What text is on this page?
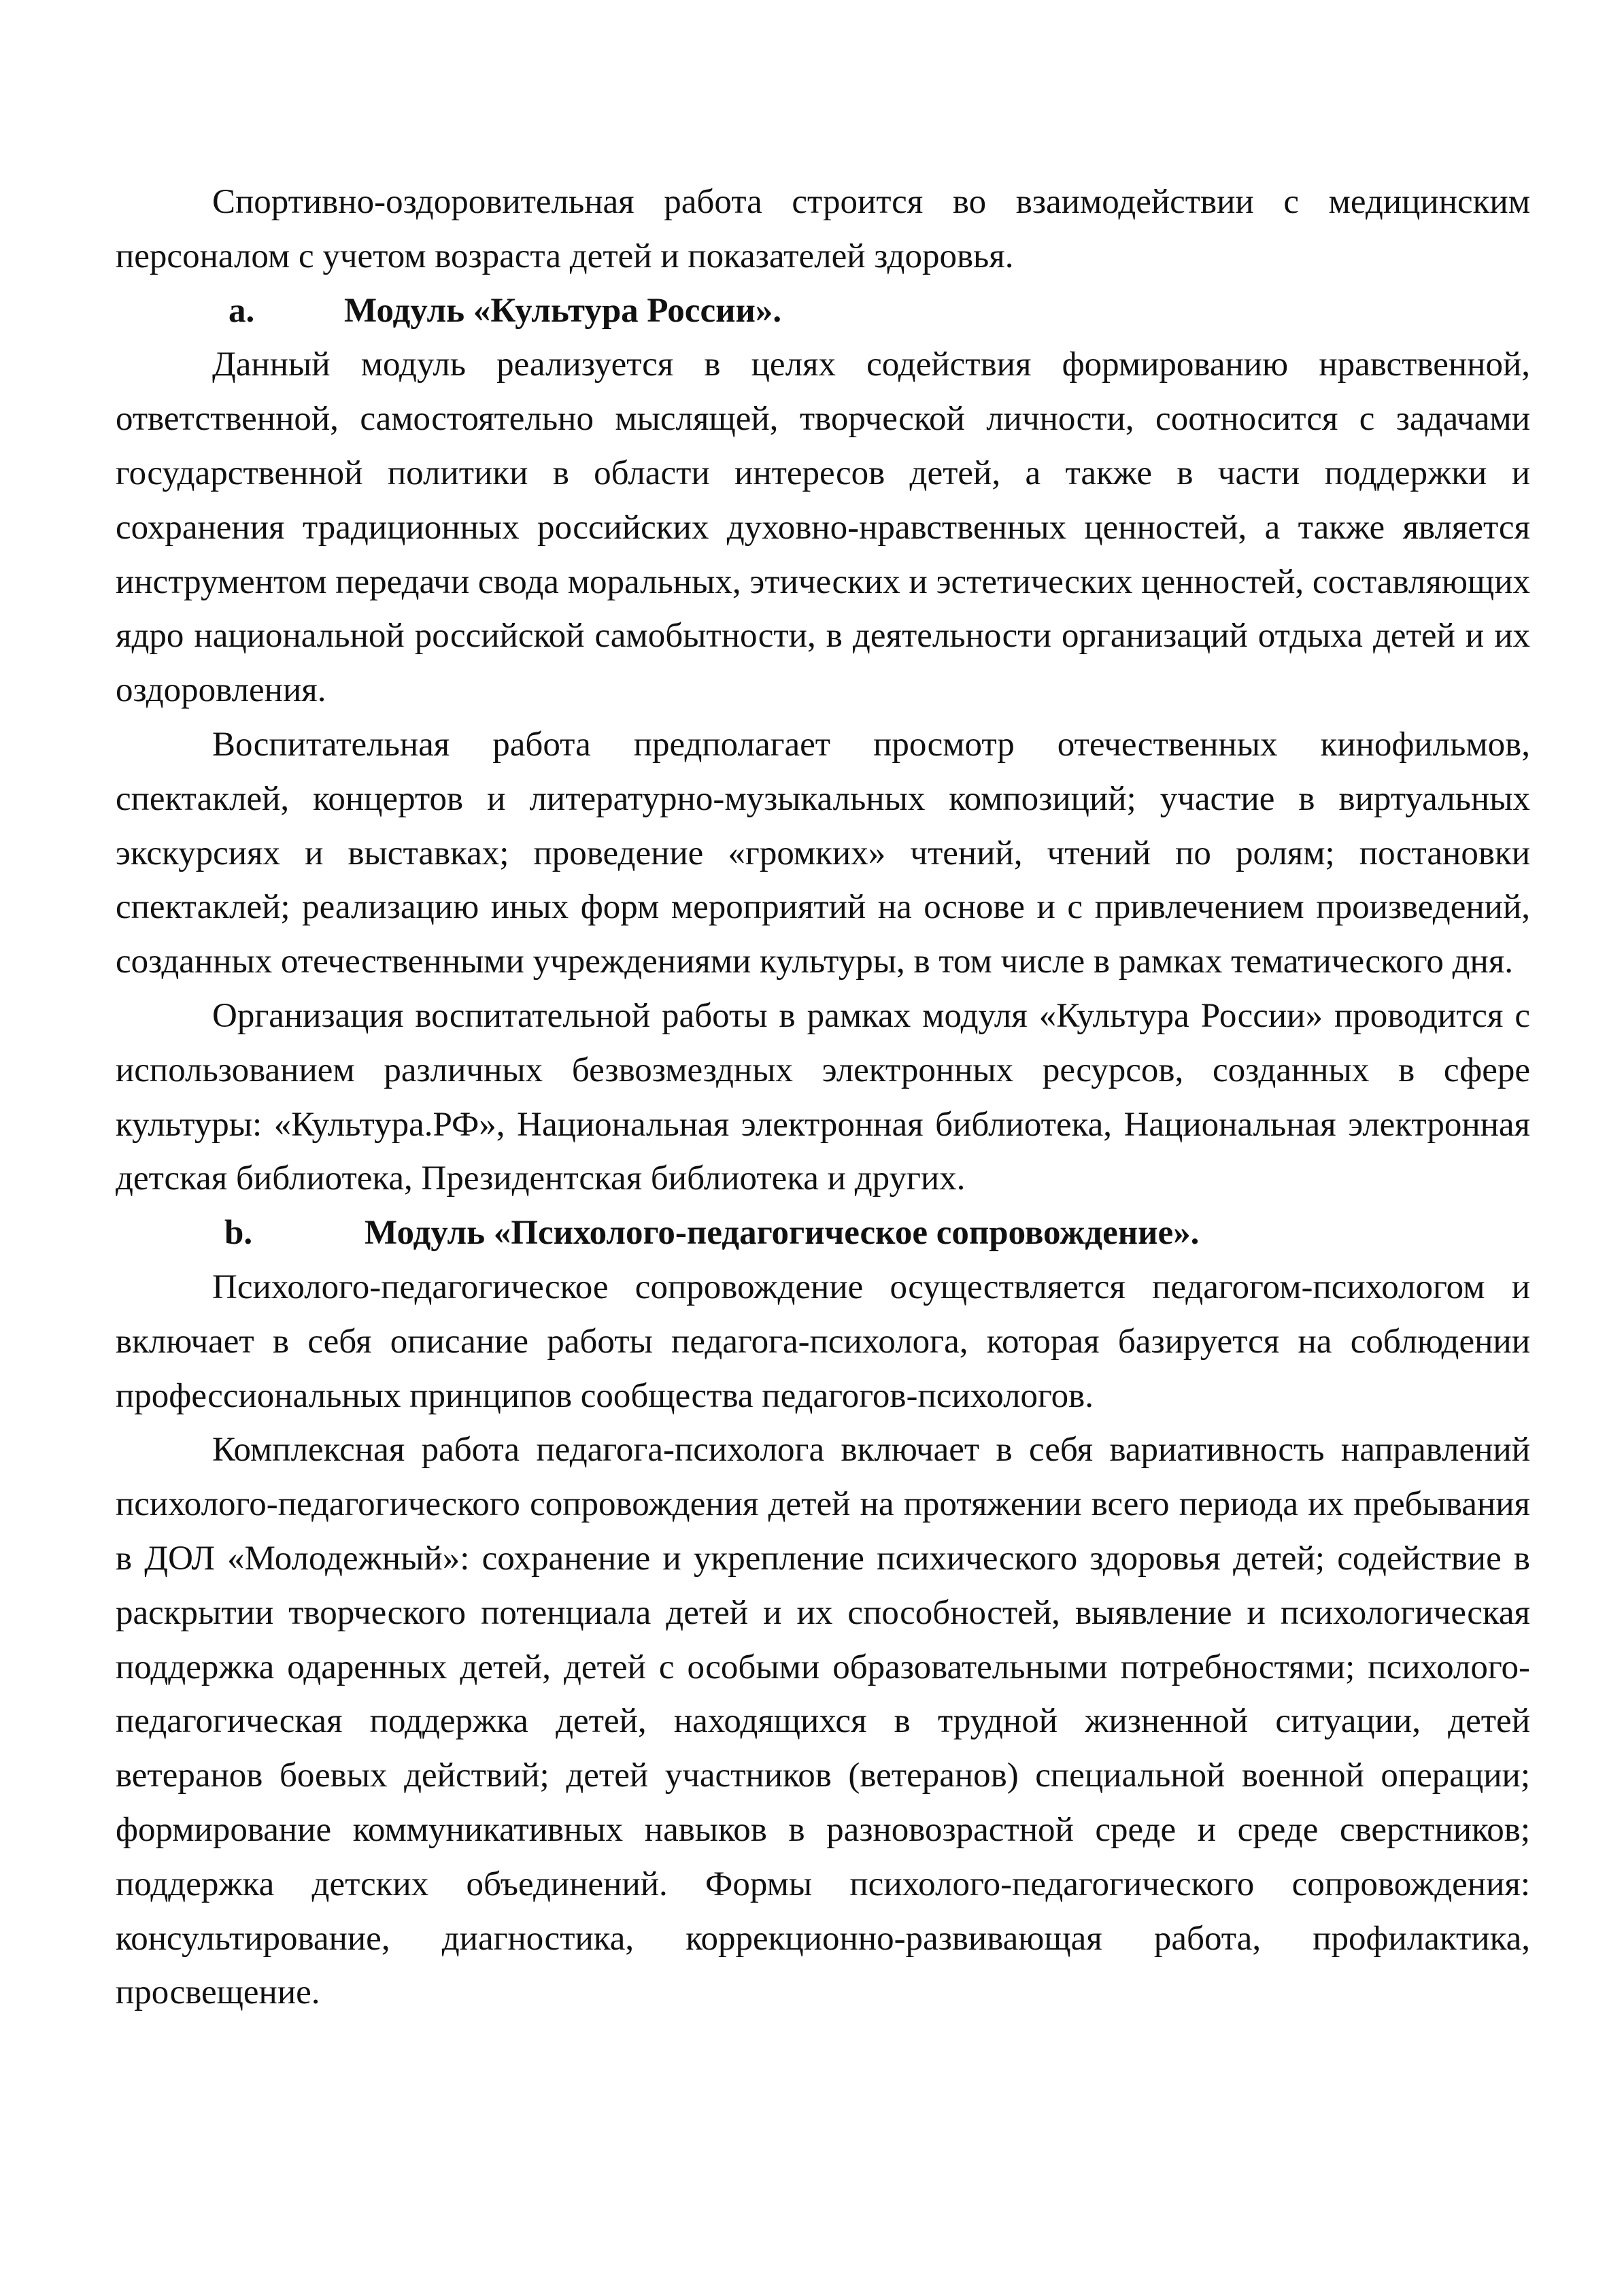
Спортивно-оздоровительная работа строится во взаимодействии с медицинским персоналом с учетом возраста детей и показателей здоровья.

a.	Модуль «Культура России».

Данный модуль реализуется в целях содействия формированию нравственной, ответственной, самостоятельно мыслящей, творческой личности, соотносится с задачами государственной политики в области интересов детей, а также в части поддержки и сохранения традиционных российских духовно-нравственных ценностей, а также является инструментом передачи свода моральных, этических и эстетических ценностей, составляющих ядро национальной российской самобытности, в деятельности организаций отдыха детей и их оздоровления.

Воспитательная работа предполагает просмотр отечественных кинофильмов, спектаклей, концертов и литературно-музыкальных композиций; участие в виртуальных экскурсиях и выставках; проведение «громких» чтений, чтений по ролям; постановки спектаклей; реализацию иных форм мероприятий на основе и с привлечением произведений, созданных отечественными учреждениями культуры, в том числе в рамках тематического дня.

Организация воспитательной работы в рамках модуля «Культура России» проводится с использованием различных безвозмездных электронных ресурсов, созданных в сфере культуры: «Культура.РФ», Национальная электронная библиотека, Национальная электронная детская библиотека, Президентская библиотека и других.

b.	Модуль «Психолого-педагогическое сопровождение».

Психолого-педагогическое сопровождение осуществляется педагогом-психологом и включает в себя описание работы педагога-психолога, которая базируется на соблюдении профессиональных принципов сообщества педагогов-психологов.

Комплексная работа педагога-психолога включает в себя вариативность направлений психолого-педагогического сопровождения детей на протяжении всего периода их пребывания в ДОЛ «Молодежный»: сохранение и укрепление психического здоровья детей; содействие в раскрытии творческого потенциала детей и их способностей, выявление и психологическая поддержка одаренных детей, детей с особыми образовательными потребностями; психолого-педагогическая поддержка детей, находящихся в трудной жизненной ситуации, детей ветеранов боевых действий; детей участников (ветеранов) специальной военной операции; формирование коммуникативных навыков в разновозрастной среде и среде сверстников; поддержка детских объединений. Формы психолого-педагогического сопровождения: консультирование, диагностика, коррекционно-развивающая работа, профилактика, просвещение.
